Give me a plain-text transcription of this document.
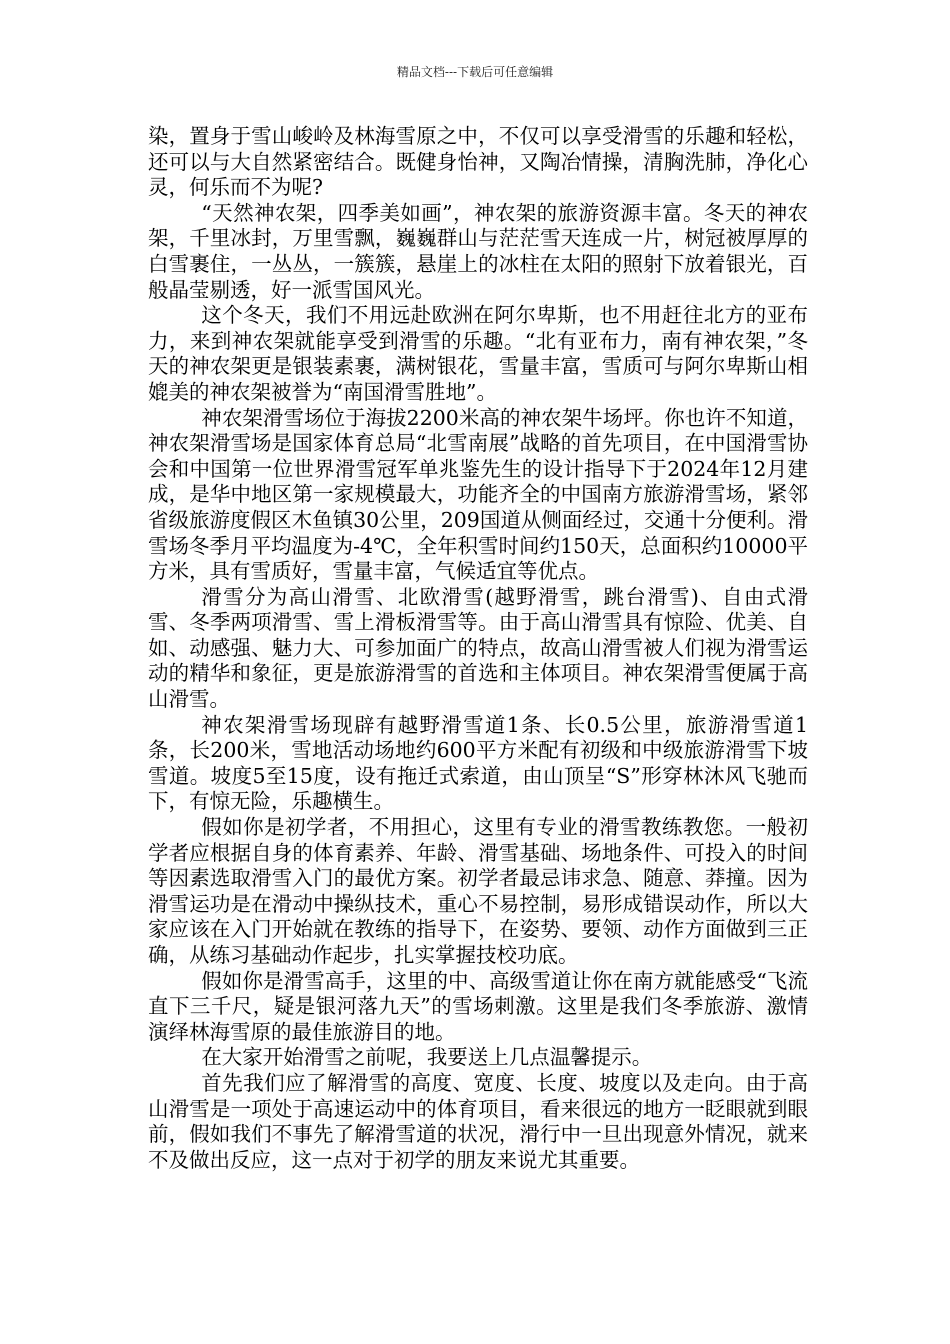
精品文档---下载后可任意编辑

染，置身于雪山峻岭及林海雪原之中，不仅可以享受滑雪的乐趣和轻松，还可以与大自然紧密结合。既健身怡神，又陶冶情操，清胸洗肺，净化心灵，何乐而不为呢?

“天然神农架，四季美如画”，神农架的旅游资源丰富。冬天的神农架，千里冰封，万里雪飘，巍巍群山与茫茫雪天连成一片，树冠被厚厚的白雪裹住，一丛丛，一簇簇，悬崖上的冰柱在太阳的照射下放着银光，百般晶莹剔透，好一派雪国风光。

这个冬天，我们不用远赴欧洲在阿尔卑斯，也不用赶往北方的亚布力，来到神农架就能享受到滑雪的乐趣。“北有亚布力，南有神农架，”冬天的神农架更是银装素裹，满树银花，雪量丰富，雪质可与阿尔卑斯山相媲美的神农架被誉为“南国滑雪胜地”。

神农架滑雪场位于海拔2200米高的神农架牛场坪。你也许不知道，神农架滑雪场是国家体育总局“北雪南展”战略的首先项目，在中国滑雪协会和中国第一位世界滑雪冠军单兆鉴先生的设计指导下于2024年12月建成，是华中地区第一家规模最大，功能齐全的中国南方旅游滑雪场，紧邻省级旅游度假区木鱼镇30公里，209国道从侧面经过，交通十分便利。滑雪场冬季月平均温度为-4℃，全年积雪时间约150天，总面积约10000平方米，具有雪质好，雪量丰富，气候适宜等优点。

滑雪分为高山滑雪、北欧滑雪(越野滑雪，跳台滑雪)、自由式滑雪、冬季两项滑雪、雪上滑板滑雪等。由于高山滑雪具有惊险、优美、自如、动感强、魅力大、可参加面广的特点，故高山滑雪被人们视为滑雪运动的精华和象征，更是旅游滑雪的首选和主体项目。神农架滑雪便属于高山滑雪。

神农架滑雪场现辟有越野滑雪道1条、长0.5公里，旅游滑雪道1条，长200米，雪地活动场地约600平方米配有初级和中级旅游滑雪下坡雪道。坡度5至15度，设有拖迁式索道，由山顶呈“S”形穿林沐风飞驰而下，有惊无险，乐趣横生。

假如你是初学者，不用担心，这里有专业的滑雪教练教您。一般初学者应根据自身的体育素养、年龄、滑雪基础、场地条件、可投入的时间等因素选取滑雪入门的最优方案。初学者最忌讳求急、随意、莽撞。因为滑雪运功是在滑动中操纵技术，重心不易控制，易形成错误动作，所以大家应该在入门开始就在教练的指导下，在姿势、要领、动作方面做到三正确，从练习基础动作起步，扎实掌握技校功底。

假如你是滑雪高手，这里的中、高级雪道让你在南方就能感受“飞流直下三千尺，疑是银河落九天”的雪场刺激。这里是我们冬季旅游、激情演绎林海雪原的最佳旅游目的地。

在大家开始滑雪之前呢，我要送上几点温馨提示。

首先我们应了解滑雪的高度、宽度、长度、坡度以及走向。由于高山滑雪是一项处于高速运动中的体育项目，看来很远的地方一眨眼就到眼前，假如我们不事先了解滑雪道的状况，滑行中一旦出现意外情况，就来不及做出反应，这一点对于初学的朋友来说尤其重要。
